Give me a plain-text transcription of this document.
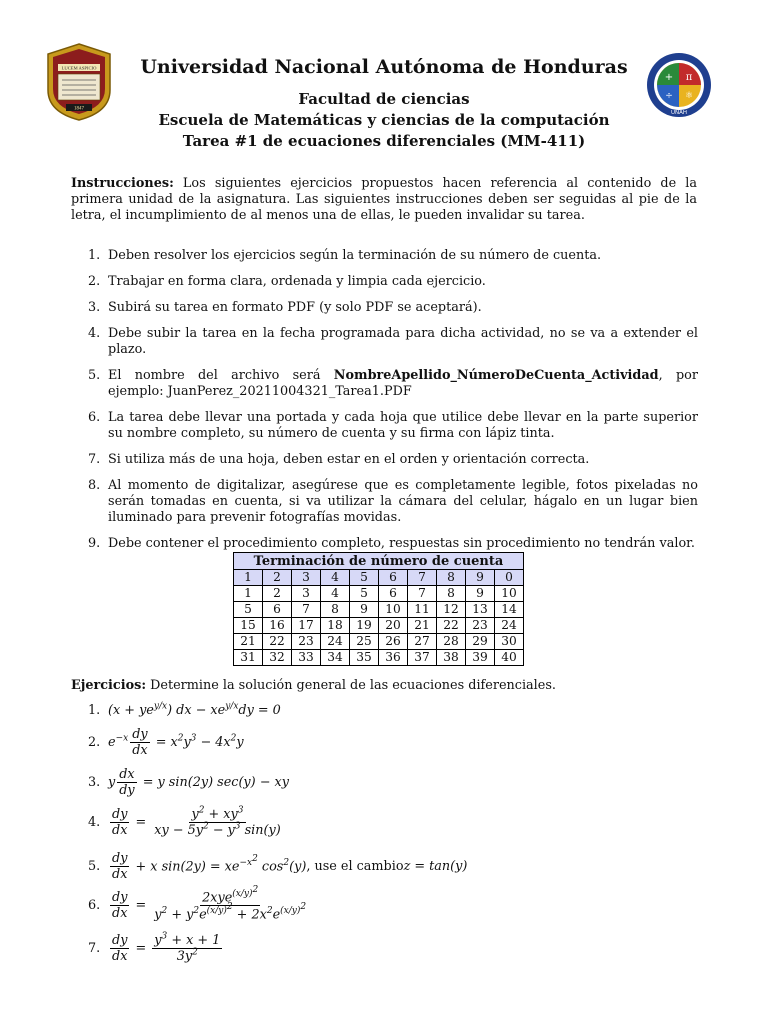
LUCEM ASPICIO
1847
+ π
÷ ⚛
UNAH
Universidad Nacional Autónoma de Honduras
Facultad de ciencias
Escuela de Matemáticas y ciencias de la computación
Tarea #1 de ecuaciones diferenciales (MM-411)
Instrucciones: Los siguientes ejercicios propuestos hacen referencia al contenido de la primera unidad de la asignatura. Las siguientes instrucciones deben ser seguidas al pie de la letra, el incumplimiento de al menos una de ellas, le pueden invalidar su tarea.
1. Deben resolver los ejercicios según la terminación de su número de cuenta.
2. Trabajar en forma clara, ordenada y limpia cada ejercicio.
3. Subirá su tarea en formato PDF (y solo PDF se aceptará).
4. Debe subir la tarea en la fecha programada para dicha actividad, no se va a extender el plazo.
5. El nombre del archivo será NombreApellido_NúmeroDeCuenta_Actividad, por ejemplo: JuanPerez_20211004321_Tarea1.PDF
6. La tarea debe llevar una portada y cada hoja que utilice debe llevar en la parte superior su nombre completo, su número de cuenta y su firma con lápiz tinta.
7. Si utiliza más de una hoja, deben estar en el orden y orientación correcta.
8. Al momento de digitalizar, asegúrese que es completamente legible, fotos pixeladas no serán tomadas en cuenta, si va utilizar la cámara del celular, hágalo en un lugar bien iluminado para prevenir fotografías movidas.
9. Debe contener el procedimiento completo, respuestas sin procedimiento no tendrán valor.
Terminación de número de cuenta									
1	2	3	4	5	6	7	8	9	0
1	2	3	4	5	6	7	8	9	10
5	6	7	8	9	10	11	12	13	14
15	16	17	18	19	20	21	22	23	24
21	22	23	24	25	26	27	28	29	30
31	32	33	34	35	36	37	38	39	40
Ejercicios: Determine la solución general de las ecuaciones diferenciales.
1. $(x + ye^{y/x})$ dx − $xe^{y/x}dy = 0$
2. $e^{-x} \frac{dy}{dx} = x^2y^3 - 4x^2y$
3. y $\frac{dx}{dy} = y$ sin(2y) sec(y) − xy
4. $\frac{dy}{dx} = \frac{y^2 + xy^3}{xy - 5y^2 - y^3 \sin(y)}$
5. $\frac{dy}{dx} + x$ $\sin(2y) = xe^{-x^2}$ $\cos^2(y)$ , use el cambio z = tan(y)
6. $\frac{dy}{dx} = \frac{2xye^{(x/y)^2}}{y^2 + y^2e^{(x/y)^2} + 2x^2e^{(x/y)^2}}$
7. $\frac{dy}{dx} = \frac{y^3 + x + 1}{3y^2}$
